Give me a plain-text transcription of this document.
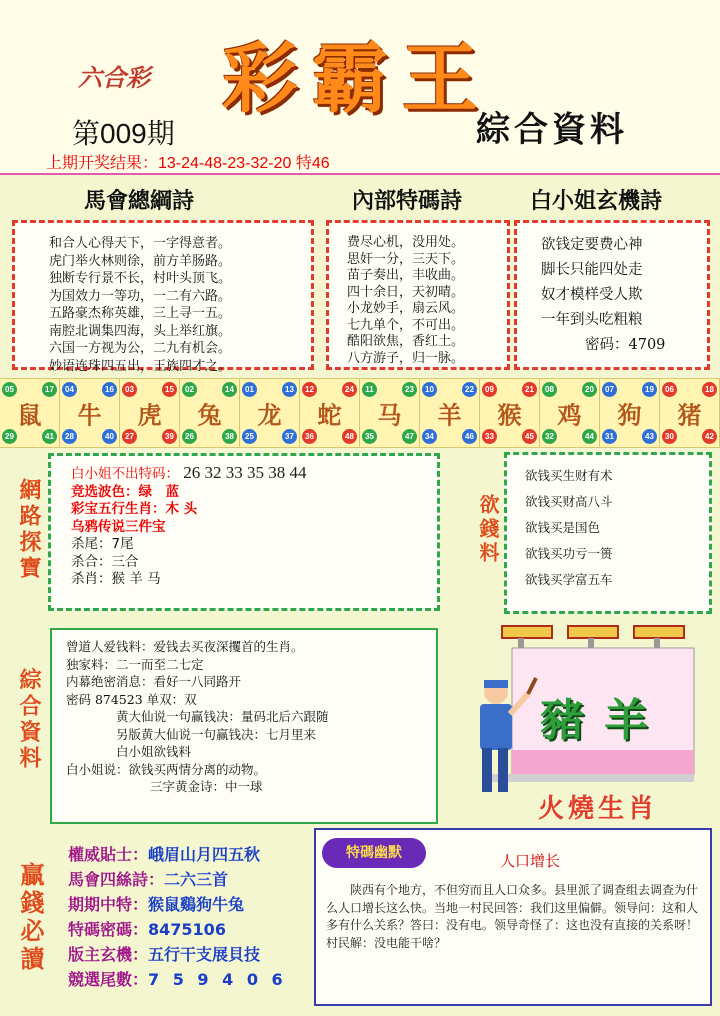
六合彩 彩霸王
第009期	綜合資料
上期开奖结果：13-24-48-23-32-20 特46
馬會總綱詩	內部特碼詩	白小姐玄機詩
和合人心得天下，一字得意者。
虎门举火林则徐，前方羊肠路。
独断专行景不长，村叶头顶飞。
为国效力一等功，一二有六路。
五路豪杰称英雄，三上寻一五。
南腔北调集四海，头上举红旗。
六国一方视为公，二九有机会。
妙语连珠四五出，王族四才之。
费尽心机，没用处。
思奸一分，三天下。
苗子奏出，丰收曲。
四十余日，天初晴。
小龙妙手，扇云风。
七九单个，不可出。
酷阳欲焦，香红土。
八方游子，归一脉。
欲钱定要费心神
脚长只能四处走
奴才模样受人欺
一年到头吃粗粮
密码：4709
05	17
29	41
鼠
04	16
28	40
牛
03	15
27	39
虎
02	14
26	38
兔
01	13
25	37
龙
12	24
36	48
蛇
11	23
35	47
马
10	22
34	46
羊
09	21
33	45
猴
08	20
32	44
鸡
07	19
31	43
狗
06	18
30	42
猪
網路探寶
白小姐不出特码： 26 32 33 35 38 44
竞选波色：绿　蓝
彩宝五行生肖：木 头
乌鸦传说三件宝
杀尾：7尾
杀合：三合
杀肖：猴 羊 马
欲錢料
欲钱买生财有术
欲钱买财高八斗
欲钱买是国色
欲钱买功亏一篑
欲钱买学富五车
綜合資料
曾道人爱钱料：爱钱去买夜深攫首的生肖。
独家料：二一而至二七定
内幕绝密消息：看好一八同路开
密码 874523 单双：双
黄大仙说一句赢钱决：量码北后六跟随
另版黄大仙说一句赢钱决：七月里来
白小姐欲钱料
白小姐说：欲钱买两情分离的动物。
三字黄金诗：中一球
豬羊
火燒生肖
贏錢必讀
權威貼士：峨眉山月四五秋
馬會四絲詩：二六三首
期期中特：猴鼠鷄狗牛兔
特碼密碼：8475106
版主玄機：五行干支展貝技
競選尾數：7 5 9 4 0 6
特碼幽默	人口增长
陕西有个地方，不但穷而且人口众多。县里派了调查组去调查为什么人口增长这么快。当地一村民回答：我们这里偏僻。领导问：这和人多有什么关系？答曰：没有电。领导奇怪了：这也没有直接的关系呀！村民解：没电能干啥？
